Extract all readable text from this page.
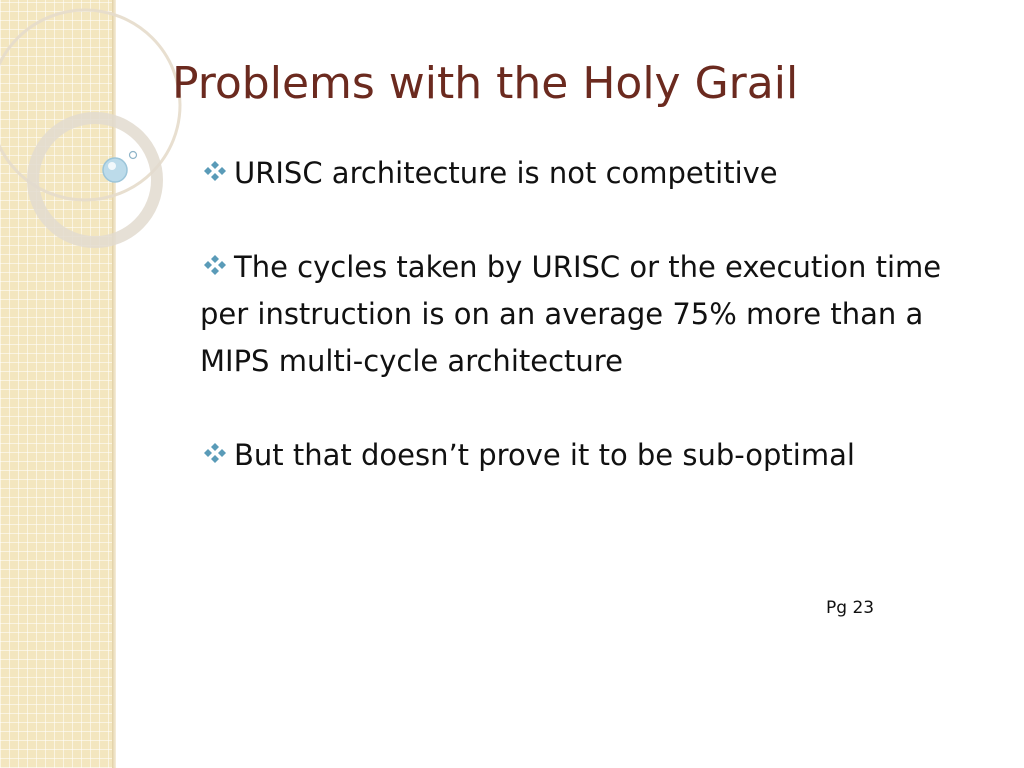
Problems with the Holy Grail
URISC architecture is not competitive
The cycles taken by URISC or the execution time per instruction is on an average 75% more than a MIPS multi-cycle architecture
But that doesn’t prove it to be sub-optimal
Pg 23
